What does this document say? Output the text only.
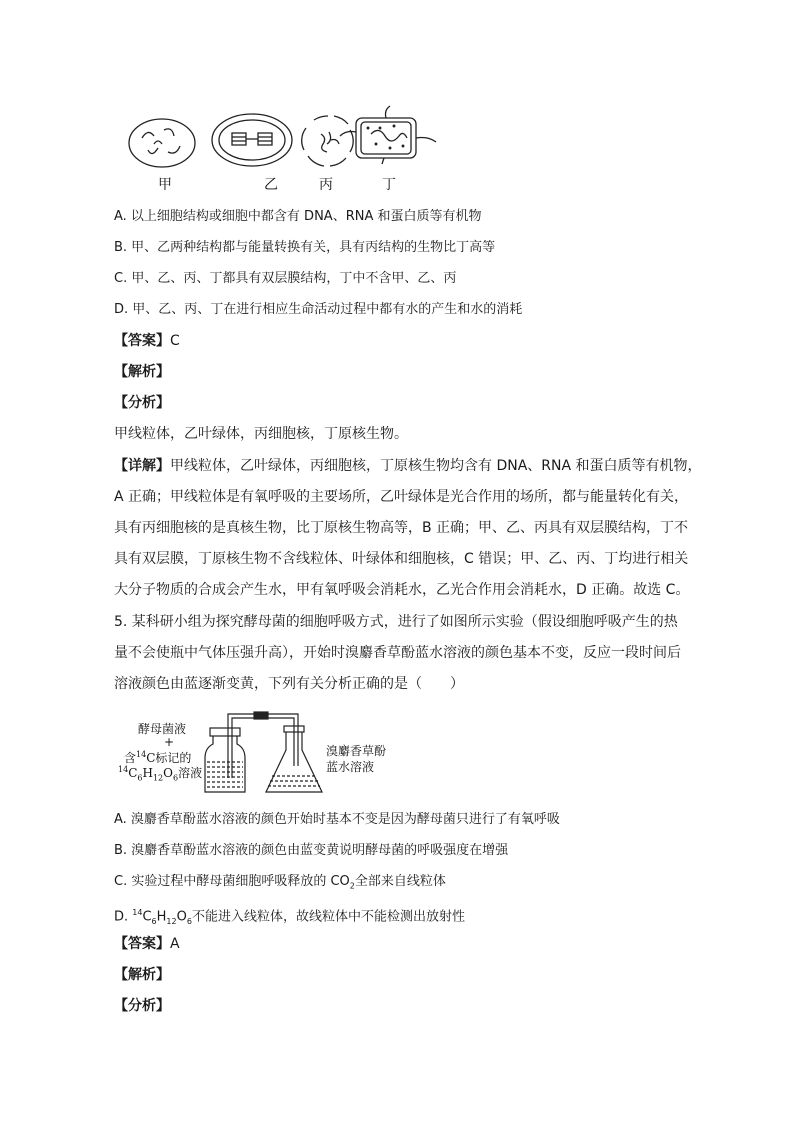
甲	乙	丙	丁
A. 以上细胞结构或细胞中都含有 DNA、RNA 和蛋白质等有机物
B. 甲、乙两种结构都与能量转换有关，具有丙结构的生物比丁高等
C. 甲、乙、丙、丁都具有双层膜结构，丁中不含甲、乙、丙
D. 甲、乙、丙、丁在进行相应生命活动过程中都有水的产生和水的消耗
【答案】C
【解析】
【分析】
甲线粒体，乙叶绿体，丙细胞核，丁原核生物。
【详解】甲线粒体，乙叶绿体，丙细胞核，丁原核生物均含有 DNA、RNA 和蛋白质等有机物，
A 正确；甲线粒体是有氧呼吸的主要场所，乙叶绿体是光合作用的场所，都与能量转化有关，
具有丙细胞核的是真核生物，比丁原核生物高等，B 正确；甲、乙、丙具有双层膜结构，丁不
具有双层膜，丁原核生物不含线粒体、叶绿体和细胞核，C 错误；甲、乙、丙、丁均进行相关
大分子物质的合成会产生水，甲有氧呼吸会消耗水，乙光合作用会消耗水，D 正确。故选 C。
5. 某科研小组为探究酵母菌的细胞呼吸方式，进行了如图所示实验（假设细胞呼吸产生的热
量不会使瓶中气体压强升高），开始时溴麝香草酚蓝水溶液的颜色基本不变，反应一段时间后
溶液颜色由蓝逐渐变黄，下列有关分析正确的是（　　）
酵母菌液
+
含$^{14}$C标记的
$^{14}C_6H_{12}O_6$溶液
溴麝香草酚
蓝水溶液
A. 溴麝香草酚蓝水溶液的颜色开始时基本不变是因为酵母菌只进行了有氧呼吸
B. 溴麝香草酚蓝水溶液的颜色由蓝变黄说明酵母菌的呼吸强度在增强
C. 实验过程中酵母菌细胞呼吸释放的 $CO_2$全部来自线粒体
D. $^{14}C_6H_{12}O_6$不能进入线粒体，故线粒体中不能检测出放射性
【答案】A
【解析】
【分析】
